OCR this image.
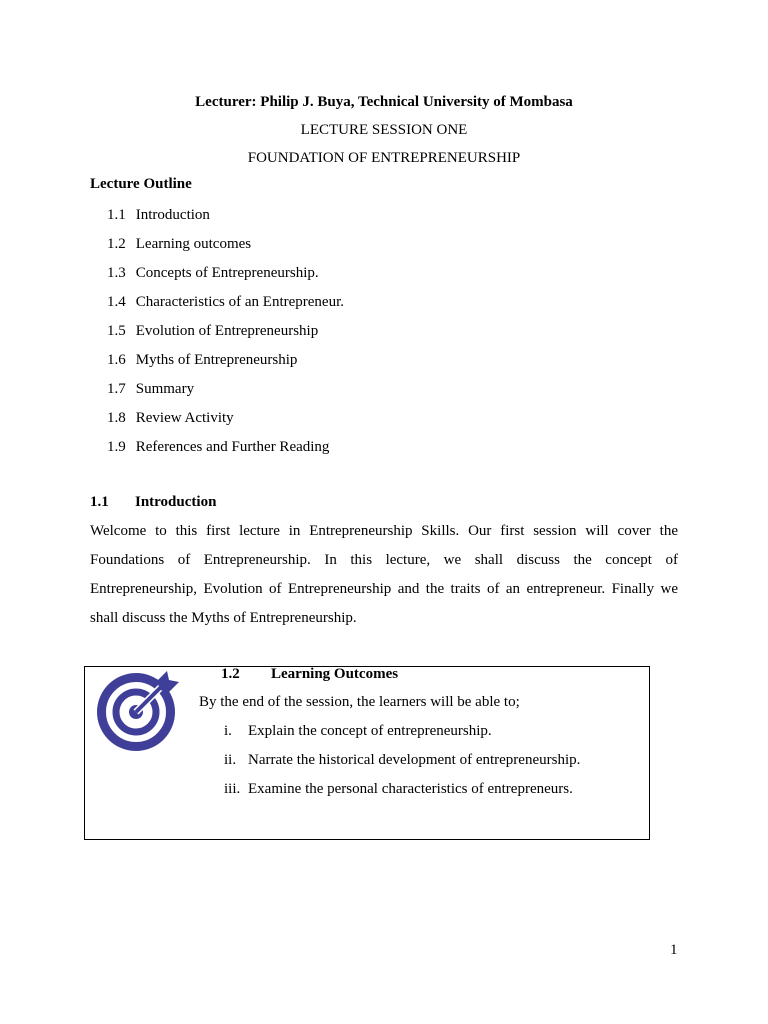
Lecturer: Philip J. Buya, Technical University of Mombasa
LECTURE SESSION ONE
FOUNDATION OF ENTREPRENEURSHIP
Lecture Outline
1.1 Introduction
1.2 Learning outcomes
1.3 Concepts of Entrepreneurship.
1.4 Characteristics of an Entrepreneur.
1.5 Evolution of Entrepreneurship
1.6 Myths of Entrepreneurship
1.7 Summary
1.8 Review Activity
1.9 References and Further Reading
1.1 Introduction

Welcome to this first lecture in Entrepreneurship Skills. Our first session will cover the Foundations of Entrepreneurship. In this lecture, we shall discuss the concept of Entrepreneurship, Evolution of Entrepreneurship and the traits of an entrepreneur. Finally we shall discuss the Myths of Entrepreneurship.

1.2 Learning Outcomes
By the end of the session, the learners will be able to;
i. Explain the concept of entrepreneurship.
ii. Narrate the historical development of entrepreneurship.
iii. Examine the personal characteristics of entrepreneurs.
1
